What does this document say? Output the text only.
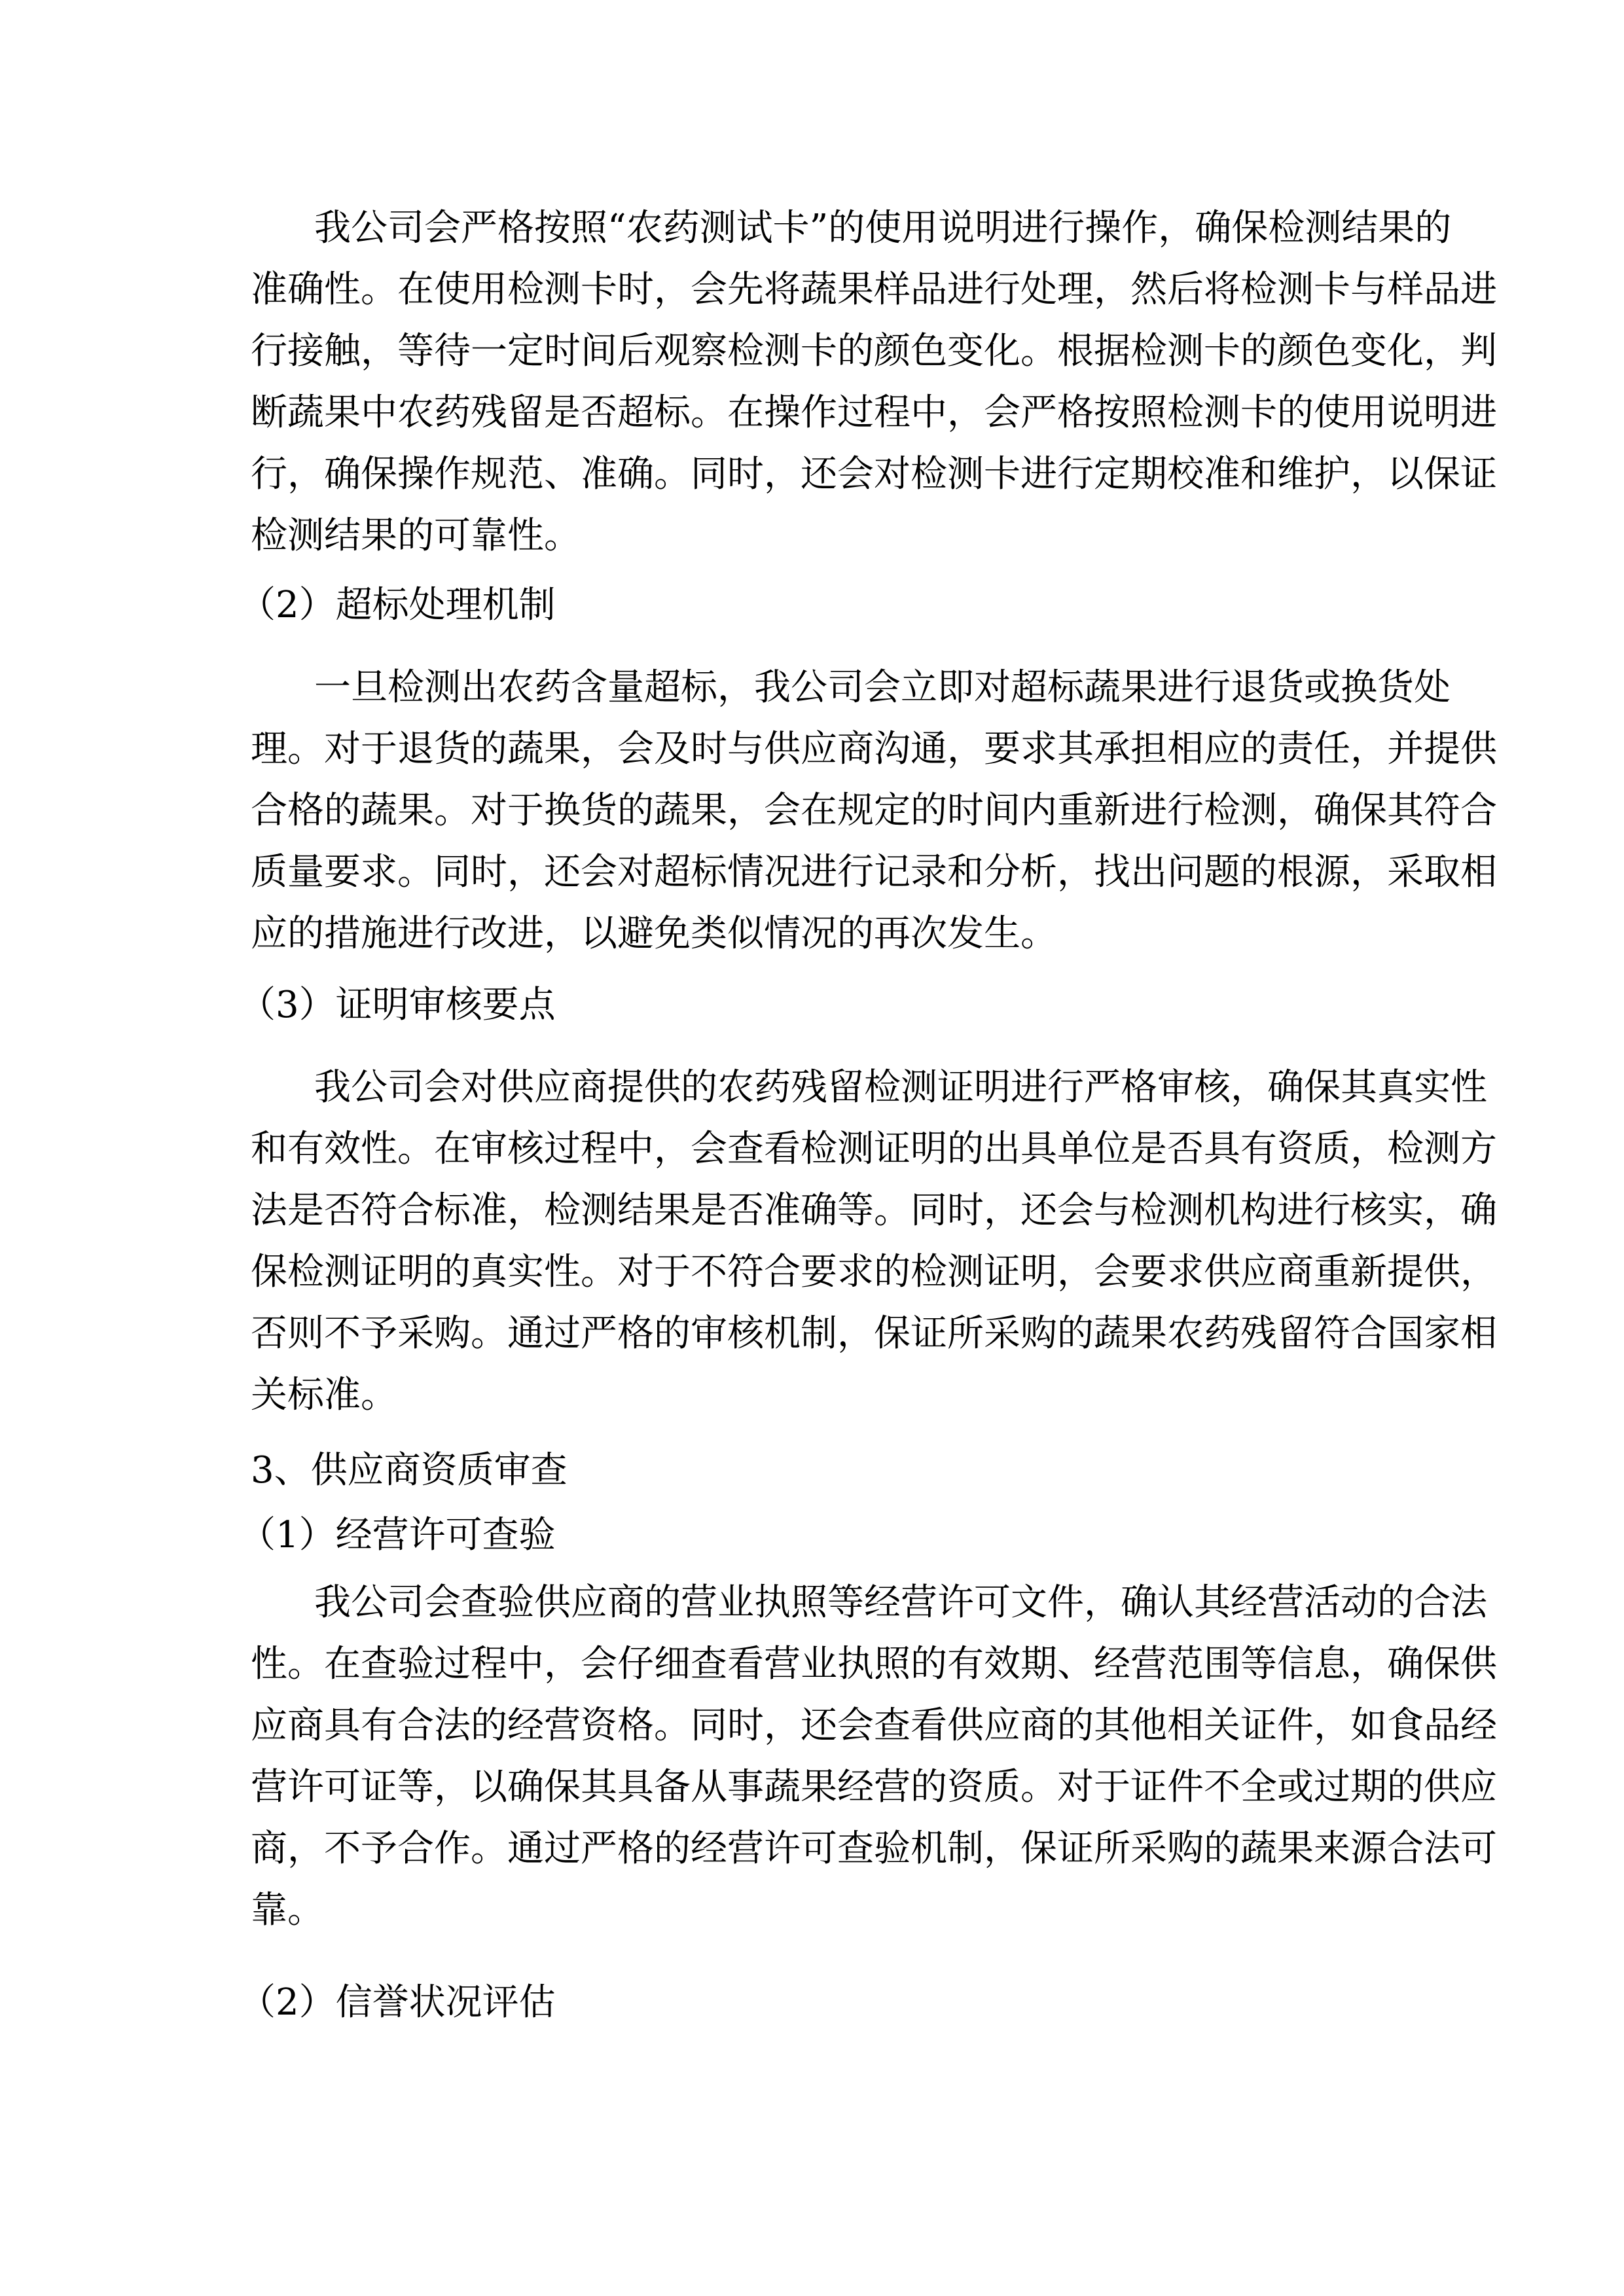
我公司会严格按照“农药测试卡”的使用说明进行操作，确保检测结果的
准确性。在使用检测卡时，会先将蔬果样品进行处理，然后将检测卡与样品进
行接触，等待一定时间后观察检测卡的颜色变化。根据检测卡的颜色变化，判
断蔬果中农药残留是否超标。在操作过程中，会严格按照检测卡的使用说明进
行，确保操作规范、准确。同时，还会对检测卡进行定期校准和维护，以保证
检测结果的可靠性。
（2）超标处理机制
一旦检测出农药含量超标，我公司会立即对超标蔬果进行退货或换货处
理。对于退货的蔬果，会及时与供应商沟通，要求其承担相应的责任，并提供
合格的蔬果。对于换货的蔬果，会在规定的时间内重新进行检测，确保其符合
质量要求。同时，还会对超标情况进行记录和分析，找出问题的根源，采取相
应的措施进行改进，以避免类似情况的再次发生。
（3）证明审核要点
我公司会对供应商提供的农药残留检测证明进行严格审核，确保其真实性
和有效性。在审核过程中，会查看检测证明的出具单位是否具有资质，检测方
法是否符合标准，检测结果是否准确等。同时，还会与检测机构进行核实，确
保检测证明的真实性。对于不符合要求的检测证明，会要求供应商重新提供，
否则不予采购。通过严格的审核机制，保证所采购的蔬果农药残留符合国家相
关标准。
3、供应商资质审查
（1）经营许可查验
我公司会查验供应商的营业执照等经营许可文件，确认其经营活动的合法
性。在查验过程中，会仔细查看营业执照的有效期、经营范围等信息，确保供
应商具有合法的经营资格。同时，还会查看供应商的其他相关证件，如食品经
营许可证等，以确保其具备从事蔬果经营的资质。对于证件不全或过期的供应
商，不予合作。通过严格的经营许可查验机制，保证所采购的蔬果来源合法可
靠。
（2）信誉状况评估
